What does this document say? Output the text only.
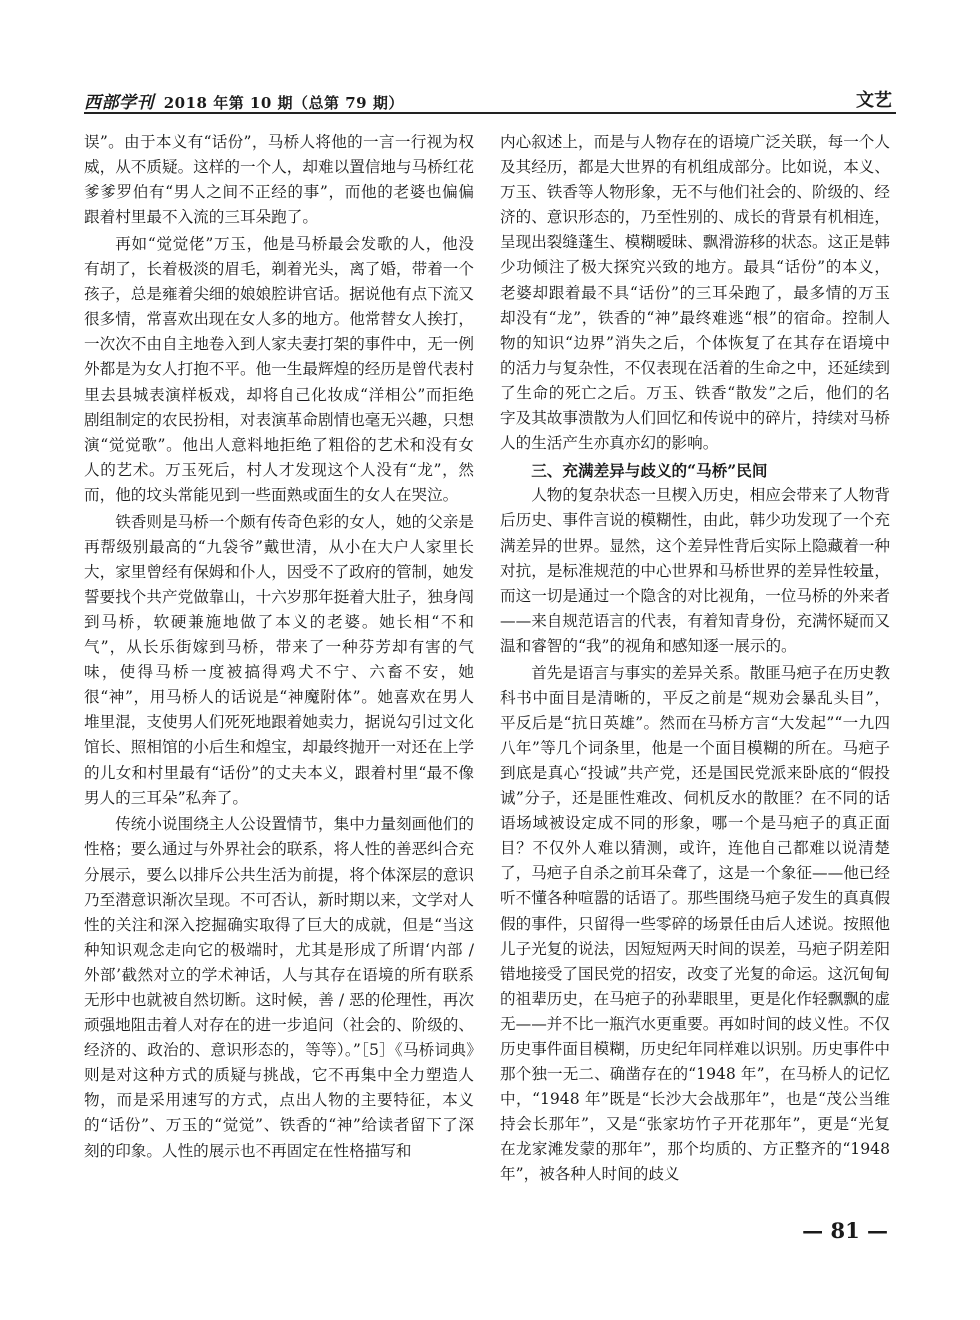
西部学刊 2018 年第 10 期（总第 79 期）	文艺

误”。由于本义有“话份”，马桥人将他的一言一行视为权威，从不质疑。这样的一个人，却难以置信地与马桥红花爹爹罗伯有“男人之间不正经的事”，而他的老婆也偏偏跟着村里最不入流的三耳朵跑了。

再如“觉觉佬”万玉，他是马桥最会发歌的人，他没有胡了，长着极淡的眉毛，剃着光头，离了婚，带着一个孩子，总是雍着尖细的娘娘腔讲官话。据说他有点下流又很多情，常喜欢出现在女人多的地方。他常替女人挨打，一次次不由自主地卷入到人家夫妻打架的事件中，无一例外都是为女人打抱不平。他一生最辉煌的经历是曾代表村里去县城表演样板戏，却将自己化妆成“洋相公”而拒绝剧组制定的农民扮相，对表演革命剧情也毫无兴趣，只想演“觉觉歌”。他出人意料地拒绝了粗俗的艺术和没有女人的艺术。万玉死后，村人才发现这个人没有“龙”，然而，他的坟头常能见到一些面熟或面生的女人在哭泣。

铁香则是马桥一个颇有传奇色彩的女人，她的父亲是再帮级别最高的“九袋爷”戴世清，从小在大户人家里长大，家里曾经有保姆和仆人，因受不了政府的管制，她发誓要找个共产党做靠山，十六岁那年挺着大肚子，独身闯到马桥，软硬兼施地做了本义的老婆。她长相“不和气”，从长乐街嫁到马桥，带来了一种芬芳却有害的气味，使得马桥一度被搞得鸡犬不宁、六畜不安，她很“神”，用马桥人的话说是“神魔附体”。她喜欢在男人堆里混，支使男人们死死地跟着她卖力，据说勾引过文化馆长、照相馆的小后生和煌宝，却最终抛开一对还在上学的儿女和村里最有“话份”的丈夫本义，跟着村里“最不像男人的三耳朵”私奔了。

传统小说围绕主人公设置情节，集中力量刻画他们的性格；要么通过与外界社会的联系，将人性的善恶纠合充分展示，要么以排斥公共生活为前提，将个体深层的意识乃至潜意识渐次呈现。不可否认，新时期以来，文学对人性的关注和深入挖掘确实取得了巨大的成就，但是“当这种知识观念走向它的极端时，尤其是形成了所谓‘内部 / 外部’截然对立的学术神话，人与其存在语境的所有联系无形中也就被自然切断。这时候，善 / 恶的伦理性，再次顽强地阻击着人对存在的进一步追问（社会的、阶级的、经济的、政治的、意识形态的，等等）。”［5］《马桥词典》则是对这种方式的质疑与挑战，它不再集中全力塑造人物，而是采用速写的方式，点出人物的主要特征，本义的“话份”、万玉的“觉觉”、铁香的“神”给读者留下了深刻的印象。人性的展示也不再固定在性格描写和

内心叙述上，而是与人物存在的语境广泛关联，每一个人及其经历，都是大世界的有机组成部分。比如说，本义、万玉、铁香等人物形象，无不与他们社会的、阶级的、经济的、意识形态的，乃至性别的、成长的背景有机相连，呈现出裂缝蓬生、模糊暧昧、飘滑游移的状态。这正是韩少功倾注了极大探究兴致的地方。最具“话份”的本义，老婆却跟着最不具“话份”的三耳朵跑了，最多情的万玉却没有“龙”，铁香的“神”最终难逃“根”的宿命。控制人物的知识“边界”消失之后，个体恢复了在其存在语境中的活力与复杂性，不仅表现在活着的生命之中，还延续到了生命的死亡之后。万玉、铁香“散发”之后，他们的名字及其故事溃散为人们回忆和传说中的碎片，持续对马桥人的生活产生亦真亦幻的影响。

三、充满差异与歧义的“马桥”民间

人物的复杂状态一旦楔入历史，相应会带来了人物背后历史、事件言说的模糊性，由此，韩少功发现了一个充满差异的世界。显然，这个差异性背后实际上隐藏着一种对抗，是标准规范的中心世界和马桥世界的差异性较量，而这一切是通过一个隐含的对比视角，一位马桥的外来者——来自规范语言的代表，有着知青身份，充满怀疑而又温和睿智的“我”的视角和感知逐一展示的。

首先是语言与事实的差异关系。散匪马疤子在历史教科书中面目是清晰的，平反之前是“规劝会暴乱头目”，平反后是“抗日英雄”。然而在马桥方言“大发起”“一九四八年”等几个词条里，他是一个面目模糊的所在。马疤子到底是真心“投诚”共产党，还是国民党派来卧底的“假投诚”分子，还是匪性难改、伺机反水的散匪？在不同的话语场域被设定成不同的形象，哪一个是马疤子的真正面目？不仅外人难以猜测，或许，连他自己都难以说清楚了，马疤子自杀之前耳朵聋了，这是一个象征——他已经听不懂各种喧嚣的话语了。那些围绕马疤子发生的真真假假的事件，只留得一些零碎的场景任由后人述说。按照他儿子光复的说法，因短短两天时间的误差，马疤子阴差阳错地接受了国民党的招安，改变了光复的命运。这沉甸甸的祖辈历史，在马疤子的孙辈眼里，更是化作轻飘飘的虚无——并不比一瓶汽水更重要。再如时间的歧义性。不仅历史事件面目模糊，历史纪年同样难以识别。历史事件中那个独一无二、确凿存在的“1948 年”，在马桥人的记忆中，“1948 年”既是“长沙大会战那年”，也是“茂公当维持会长那年”，又是“张家坊竹子开花那年”，更是“光复在龙家滩发蒙的那年”，那个均质的、方正整齐的“1948 年”，被各种人时间的歧义

— 81 —
